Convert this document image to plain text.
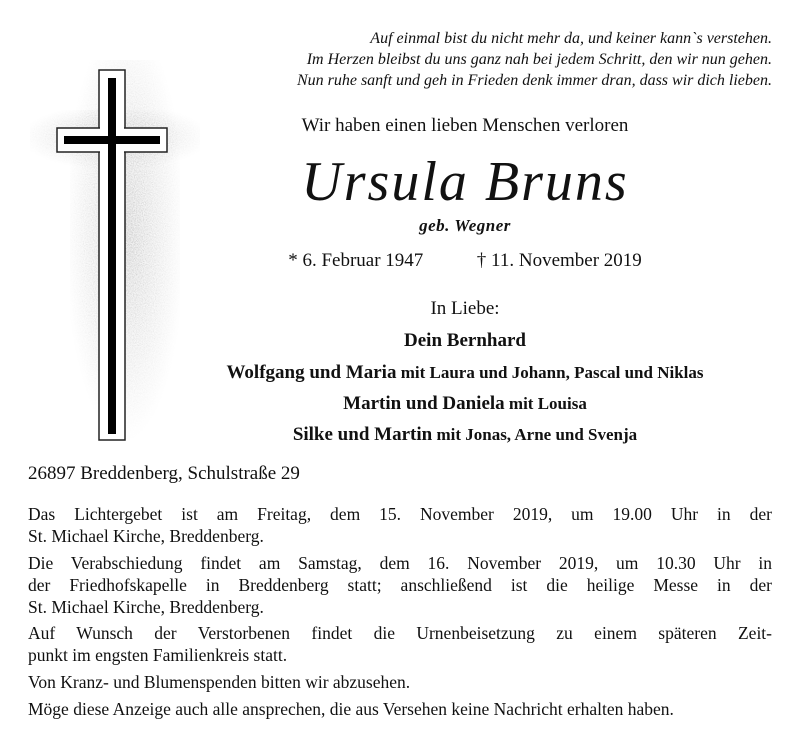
Auf einmal bist du nicht mehr da, und keiner kann`s verstehen.
Im Herzen bleibst du uns ganz nah bei jedem Schritt, den wir nun gehen.
Nun ruhe sanft und geh in Frieden denk immer dran, dass wir dich lieben.
Wir haben einen lieben Menschen verloren
Ursula Bruns
geb. Wegner
* 6. Februar 1947	† 11. November 2019
In Liebe:
Dein Bernhard
Wolfgang und Maria mit Laura und Johann, Pascal und Niklas
Martin und Daniela mit Louisa
Silke und Martin mit Jonas, Arne und Svenja
26897 Breddenberg, Schulstraße 29
Das Lichtergebet ist am Freitag, dem 15. November 2019, um 19.00 Uhr in der
St. Michael Kirche, Breddenberg.
Die Verabschiedung findet am Samstag, dem 16. November 2019, um 10.30 Uhr in
der Friedhofskapelle in Breddenberg statt; anschließend ist die heilige Messe in der
St. Michael Kirche, Breddenberg.
Auf Wunsch der Verstorbenen findet die Urnenbeisetzung zu einem späteren Zeit-
punkt im engsten Familienkreis statt.
Von Kranz- und Blumenspenden bitten wir abzusehen.
Möge diese Anzeige auch alle ansprechen, die aus Versehen keine Nachricht erhalten haben.
